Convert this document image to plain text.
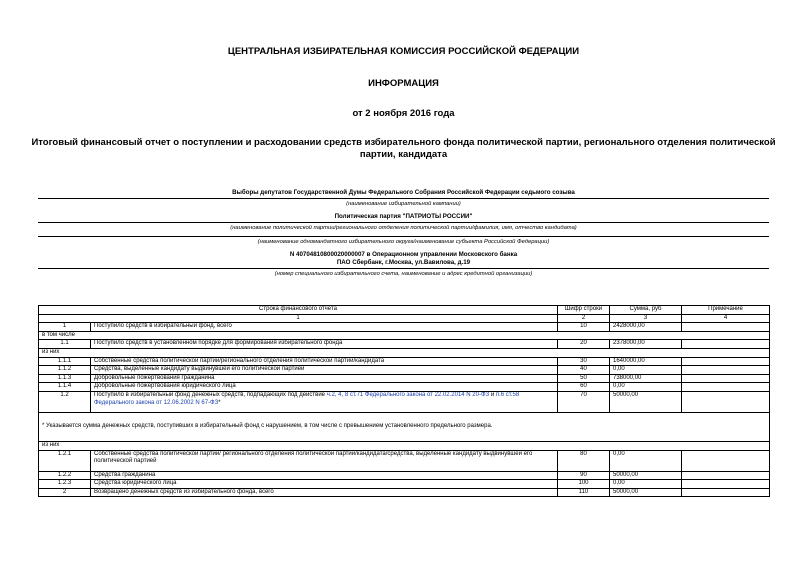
ЦЕНТРАЛЬНАЯ ИЗБИРАТЕЛЬНАЯ КОМИССИЯ РОССИЙСКОЙ ФЕДЕРАЦИИ
ИНФОРМАЦИЯ
от 2 ноября 2016 года
Итоговый финансовый отчет о поступлении и расходовании средств избирательного фонда политической партии, регионального отделения политической
партии, кандидата
Выборы депутатов Государственной Думы Федерального Собрания Российской Федерации седьмого созыва
(наименование избирательной кампании)
Политическая партия "ПАТРИОТЫ РОССИИ"
(наименование политической партии/регионального отделения политической партии/фамилия, имя, отчество кандидата)
(наименование одномандатного избирательного округа/наименование субъекта Российской Федерации)
N 40704810800020000007 в Операционном управлении Московского банка
ПАО Сбербанк, г.Москва, ул.Вавилова, д.19
(номер специального избирательного счета, наименование и адрес кредитной организации)
Строка финансового отчета		Шифр строки	Сумма, руб	Примечание
1		2	3	4
1	Поступило средств в избирательный фонд, всего	10	2428000,00	
в том числе				
1.1	Поступило средств в установленном порядке для формирования избирательного фонда	20	2378000,00	
из них				
1.1.1	Собственные средства политической партии/регионального отделения политической партии/кандидата	30	1640000,00	
1.1.2	Средства, выделенные кандидату выдвинувшей его политической партией	40	0,00	
1.1.3	Добровольные пожертвования гражданина	50	738000,00	
1.1.4	Добровольные пожертвования юридического лица	60	0,00	
1.2	Поступило в избирательный фонд денежных средств, подпадающих под действие ч.2, 4, 8 ст.71 Федерального закона от 22.02.2014 N 20-ФЗ и п.6 ст.58 Федерального закона от 12.06.2002 N 67-ФЗ*	70	50000,00	
* Указывается сумма денежных средств, поступивших в избирательный фонд с нарушением, в том числе с превышением установленного предельного размера.				
из них				
1.2.1	Собственные средства политической партии/ регионального отделения политической партии/кандидата/средства, выделенные кандидату выдвинувшей его политической партией	80	0,00	
1.2.2	Средства гражданина	90	50000,00	
1.2.3	Средства юридического лица	100	0,00	
2	Возвращено денежных средств из избирательного фонда, всего	110	50000,00	
